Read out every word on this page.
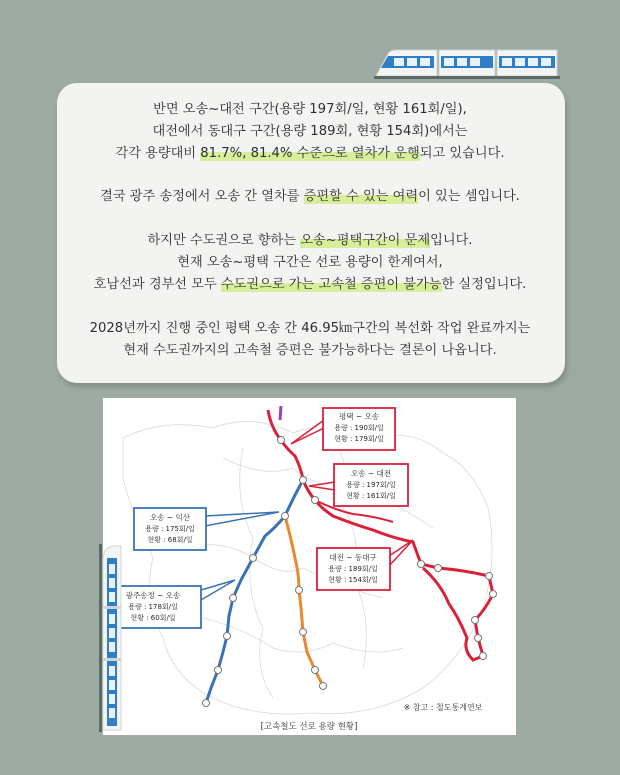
반면 오송~대전 구간(용량 197회/일, 현황 161회/일),
대전에서 동대구 구간(용량 189회, 현황 154회)에서는
각각 용량대비 81.7%, 81.4% 수준으로 열차가 운행되고 있습니다.
결국 광주 송정에서 오송 간 열차를 증편할 수 있는 여력이 있는 셈입니다.
하지만 수도권으로 향하는 오송~평택구간이 문제입니다.
현재 오송~평택 구간은 선로 용량이 한계여서,
호남선과 경부선 모두 수도권으로 가는 고속철 증편이 불가능한 실정입니다.
2028년까지 진행 중인 평택 오송 간 46.95㎞구간의 복선화 작업 완료까지는
현재 수도권까지의 고속철 증편은 불가능하다는 결론이 나옵니다.
평택 ~ 오송
용량 : 190회/일
현황 : 179회/일
오송 ~ 대전
용량 : 197회/일
현황 : 161회/일
오송 ~ 익산
용량 : 175회/일
현황 : 68회/일
대전 ~ 동대구
용량 : 189회/일
현황 : 154회/일
광주송정 ~ 오송
용량 : 178회/일
현황 : 60회/일
※ 참고 : 철도통계연보
[고속철도 선로 용량 현황]
